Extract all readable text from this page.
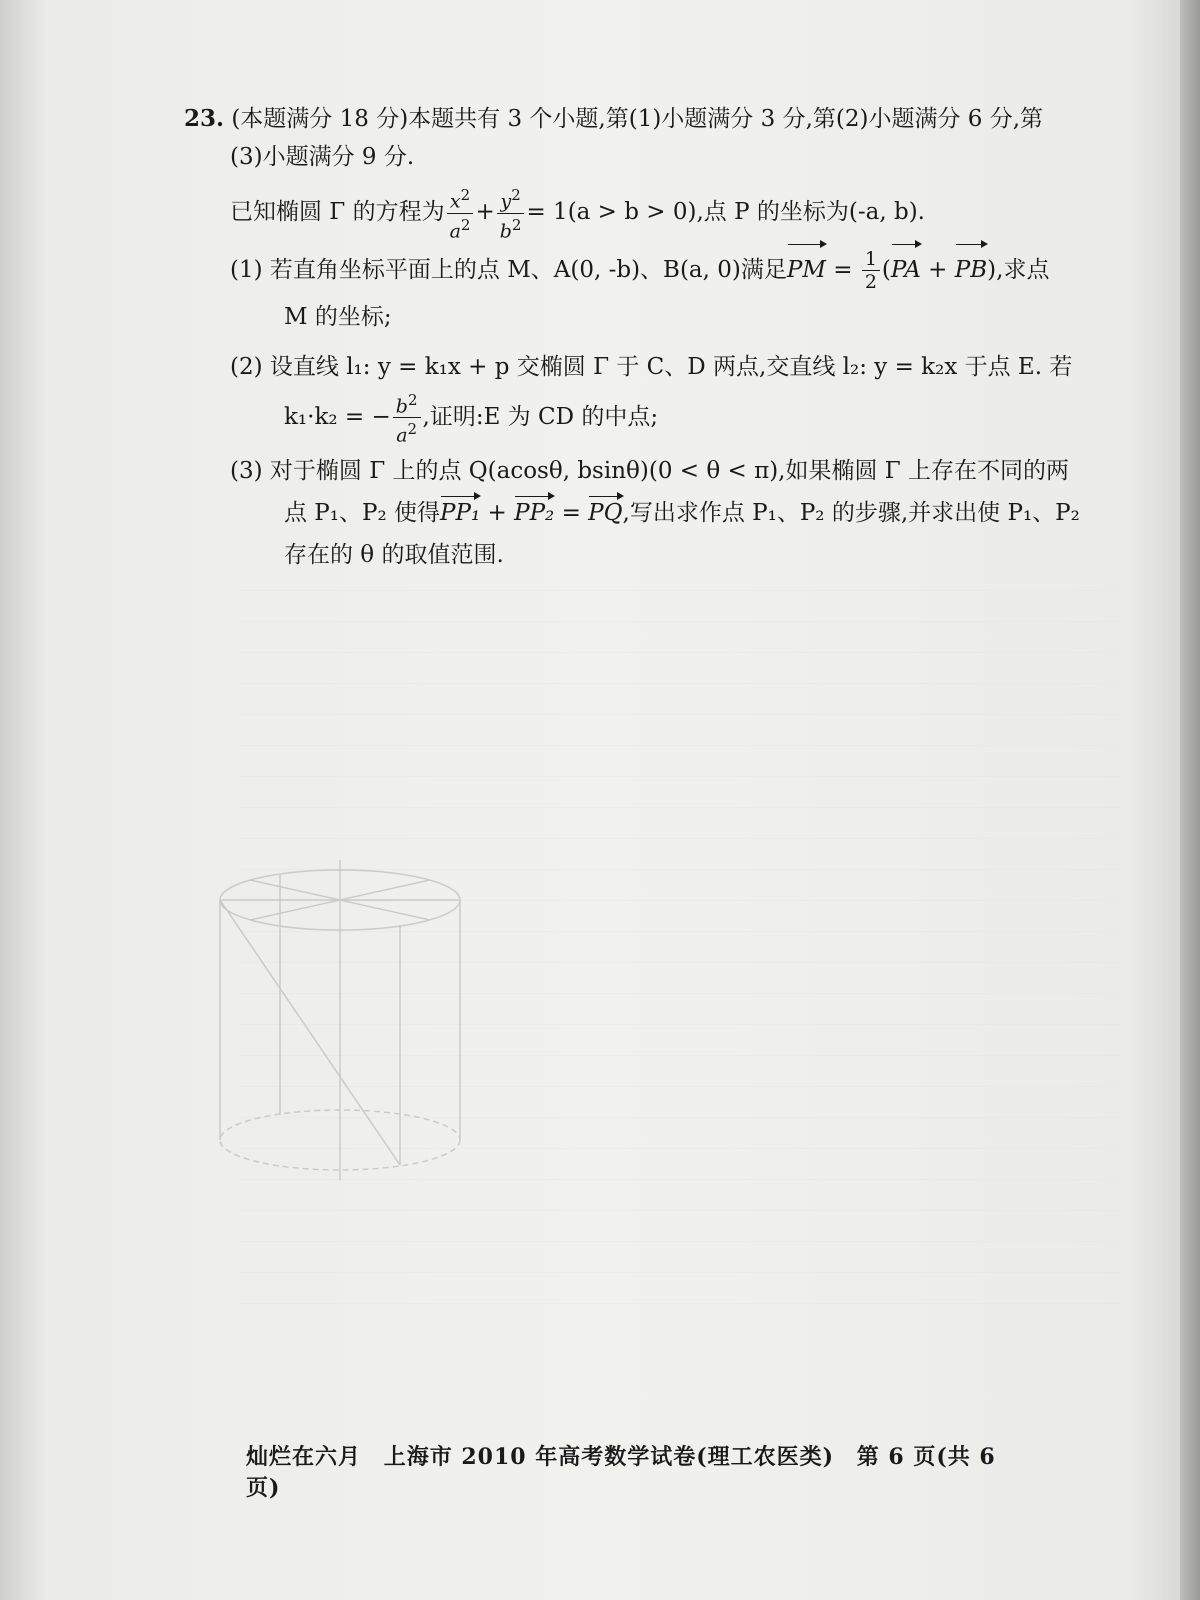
23. (本题满分 18 分)本题共有 3 个小题,第(1)小题满分 3 分,第(2)小题满分 6 分,第
(3)小题满分 9 分.
已知椭圆 Γ 的方程为 $\frac{x^2}{a^2} + \frac{y^2}{b^2} = 1(a > b > 0)$,点 P 的坐标为(-a, b).
(1) 若直角坐标平面上的点 M、A(0, -b)、B(a, 0)满足PM = $\frac{1}{2} (PA + PB)$,求点
M 的坐标;
(2) 设直线 l₁: y = k₁x + p 交椭圆 Γ 于 C、D 两点,交直线 l₂: y = k₂x 于点 E. 若
k₁·k₂ = − $\frac{b^2}{a^2}$ ,证明:E 为 CD 的中点;
(3) 对于椭圆 Γ 上的点 Q(acosθ, bsinθ)(0 < θ < π),如果椭圆 Γ 上存在不同的两
点 P₁、P₂ 使得PP₁ + PP₂ = PQ,写出求作点 P₁、P₂ 的步骤,并求出使 P₁、P₂
存在的 θ 的取值范围.
灿烂在六月 上海市 2010 年高考数学试卷(理工农医类) 第 6 页(共 6 页)
